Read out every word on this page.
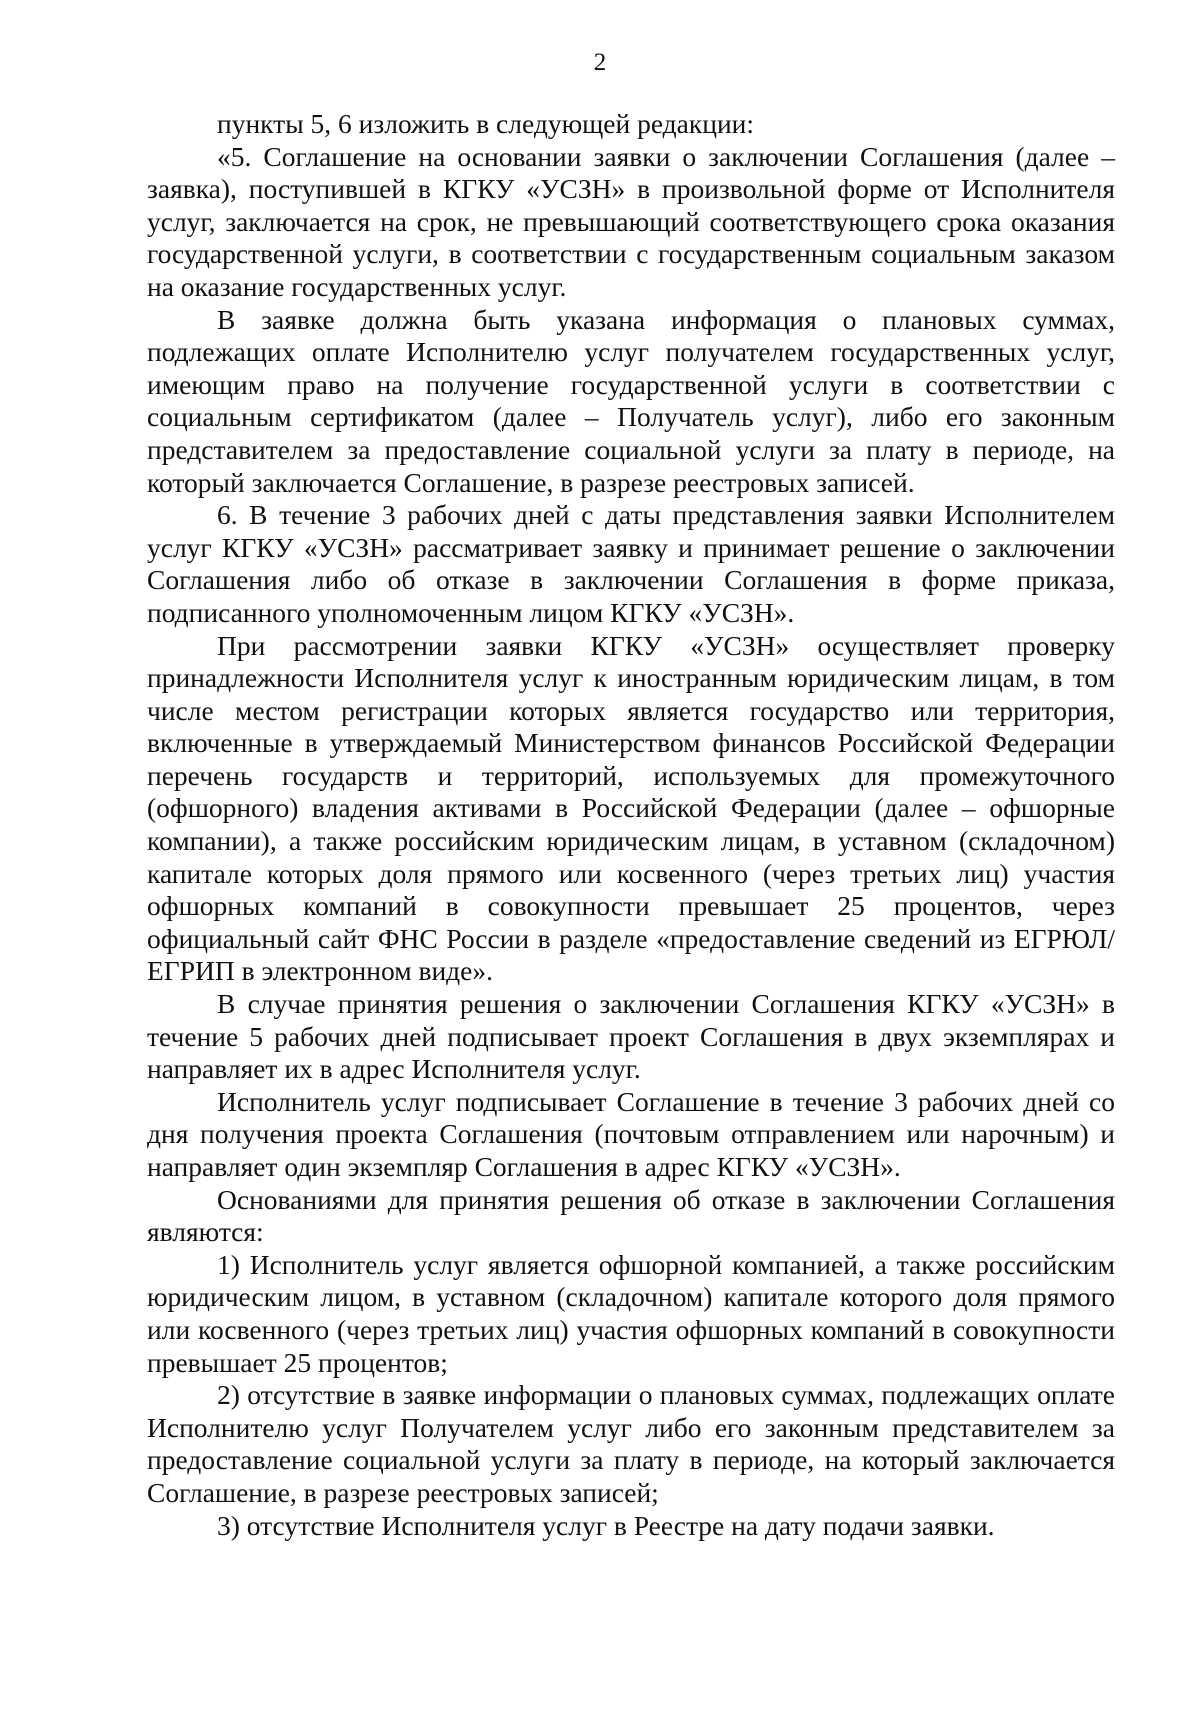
2

пункты 5, 6 изложить в следующей редакции:

«5. Соглашение на основании заявки о заключении Соглашения (далее – заявка), поступившей в КГКУ «УСЗН» в произвольной форме от Исполнителя услуг, заключается на срок, не превышающий соответствующего срока оказания государственной услуги, в соответствии с государственным социальным заказом на оказание государственных услуг.

В заявке должна быть указана информация о плановых суммах, подлежащих оплате Исполнителю услуг получателем государственных услуг, имеющим право на получение государственной услуги в соответствии с социальным сертификатом (далее – Получатель услуг), либо его законным представителем за предоставление социальной услуги за плату в периоде, на который заключается Соглашение, в разрезе реестровых записей.

6. В течение 3 рабочих дней с даты представления заявки Исполнителем услуг КГКУ «УСЗН» рассматривает заявку и принимает решение о заключении Соглашения либо об отказе в заключении Соглашения в форме приказа, подписанного уполномоченным лицом КГКУ «УСЗН».

При рассмотрении заявки КГКУ «УСЗН» осуществляет проверку принадлежности Исполнителя услуг к иностранным юридическим лицам, в том числе местом регистрации которых является государство или территория, включенные в утверждаемый Министерством финансов Российской Федерации перечень государств и территорий, используемых для промежуточного (офшорного) владения активами в Российской Федерации (далее – офшорные компании), а также российским юридическим лицам, в уставном (складочном) капитале которых доля прямого или косвенного (через третьих лиц) участия офшорных компаний в совокупности превышает 25 процентов, через официальный сайт ФНС России в разделе «предоставление сведений из ЕГРЮЛ/ЕГРИП в электронном виде».

В случае принятия решения о заключении Соглашения КГКУ «УСЗН» в течение 5 рабочих дней подписывает проект Соглашения в двух экземплярах и направляет их в адрес Исполнителя услуг.

Исполнитель услуг подписывает Соглашение в течение 3 рабочих дней со дня получения проекта Соглашения (почтовым отправлением или нарочным) и направляет один экземпляр Соглашения в адрес КГКУ «УСЗН».

Основаниями для принятия решения об отказе в заключении Соглашения являются:

1) Исполнитель услуг является офшорной компанией, а также российским юридическим лицом, в уставном (складочном) капитале которого доля прямого или косвенного (через третьих лиц) участия офшорных компаний в совокупности превышает 25 процентов;

2) отсутствие в заявке информации о плановых суммах, подлежащих оплате Исполнителю услуг Получателем услуг либо его законным представителем за предоставление социальной услуги за плату в периоде, на который заключается Соглашение, в разрезе реестровых записей;

3) отсутствие Исполнителя услуг в Реестре на дату подачи заявки.
